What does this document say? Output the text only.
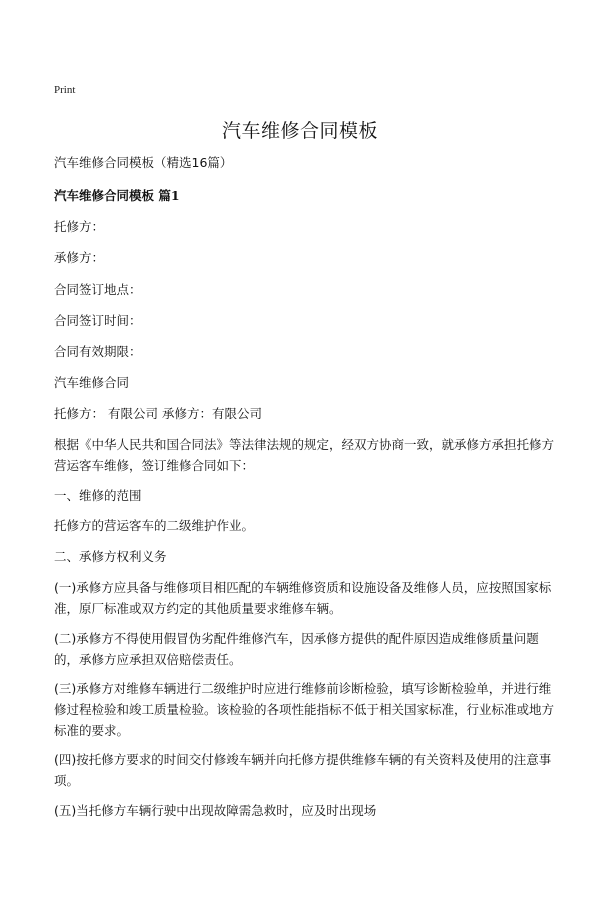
Print
汽车维修合同模板
汽车维修合同模板（精选16篇）
汽车维修合同模板 篇1
托修方：
承修方：
合同签订地点：
合同签订时间：
合同有效期限：
汽车维修合同
托修方： 有限公司 承修方：有限公司
根据《中华人民共和国合同法》等法律法规的规定，经双方协商一致，就承修方承担托修方营运客车维修，签订维修合同如下：
一、维修的范围
托修方的营运客车的二级维护作业。
二、承修方权利义务
(一)承修方应具备与维修项目相匹配的车辆维修资质和设施设备及维修人员，应按照国家标准，原厂标准或双方约定的其他质量要求维修车辆。
(二)承修方不得使用假冒伪劣配件维修汽车，因承修方提供的配件原因造成维修质量问题的，承修方应承担双倍赔偿责任。
(三)承修方对维修车辆进行二级维护时应进行维修前诊断检验，填写诊断检验单，并进行维修过程检验和竣工质量检验。该检验的各项性能指标不低于相关国家标准，行业标准或地方标准的要求。
(四)按托修方要求的时间交付修竣车辆并向托修方提供维修车辆的有关资料及使用的注意事项。
(五)当托修方车辆行驶中出现故障需急救时，应及时出现场
